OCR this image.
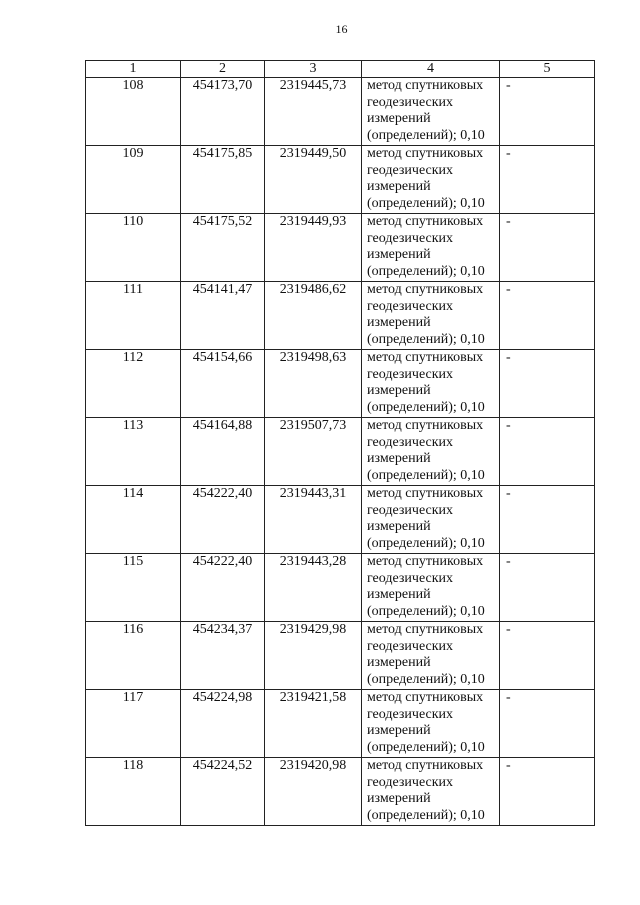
16
1	2	3	4	5
108	454173,70	2319445,73	метод спутниковых
геодезических
измерений
(определений); 0,10	-
109	454175,85	2319449,50	метод спутниковых
геодезических
измерений
(определений); 0,10	-
110	454175,52	2319449,93	метод спутниковых
геодезических
измерений
(определений); 0,10	-
111	454141,47	2319486,62	метод спутниковых
геодезических
измерений
(определений); 0,10	-
112	454154,66	2319498,63	метод спутниковых
геодезических
измерений
(определений); 0,10	-
113	454164,88	2319507,73	метод спутниковых
геодезических
измерений
(определений); 0,10	-
114	454222,40	2319443,31	метод спутниковых
геодезических
измерений
(определений); 0,10	-
115	454222,40	2319443,28	метод спутниковых
геодезических
измерений
(определений); 0,10	-
116	454234,37	2319429,98	метод спутниковых
геодезических
измерений
(определений); 0,10	-
117	454224,98	2319421,58	метод спутниковых
геодезических
измерений
(определений); 0,10	-
118	454224,52	2319420,98	метод спутниковых
геодезических
измерений
(определений); 0,10	-
